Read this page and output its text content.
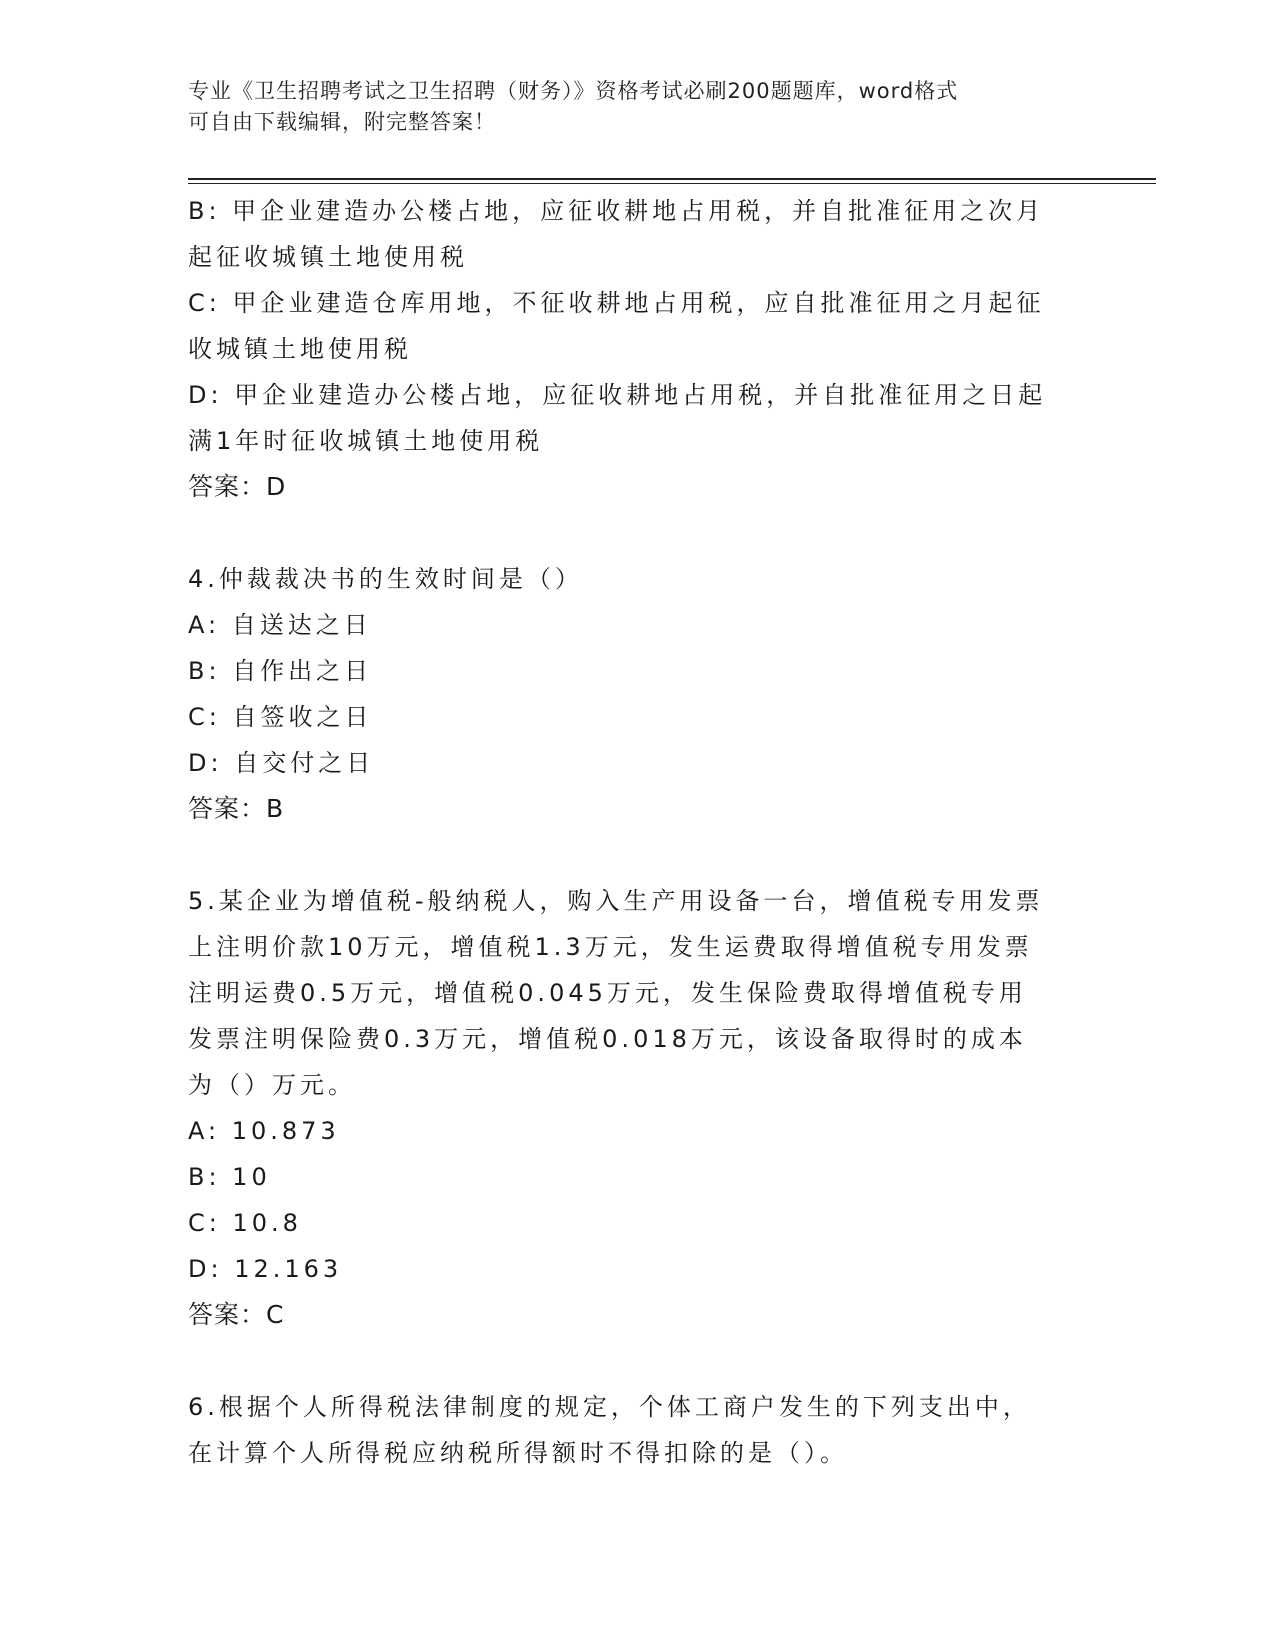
专业《卫生招聘考试之卫生招聘（财务）》资格考试必刷200题题库，word格式
可自由下载编辑，附完整答案！
B: 甲企业建造办公楼占地，应征收耕地占用税，并自批准征用之次月
起征收城镇土地使用税
C: 甲企业建造仓库用地，不征收耕地占用税，应自批准征用之月起征
收城镇土地使用税
D: 甲企业建造办公楼占地，应征收耕地占用税，并自批准征用之日起
满1年时征收城镇土地使用税
答案：D
4.仲裁裁决书的生效时间是（）
A: 自送达之日
B: 自作出之日
C: 自签收之日
D: 自交付之日
答案：B
5.某企业为增值税-般纳税人，购入生产用设备一台，增值税专用发票
上注明价款10万元，增值税1.3万元，发生运费取得增值税专用发票
注明运费0.5万元，增值税0.045万元，发生保险费取得增值税专用
发票注明保险费0.3万元，增值税0.018万元，该设备取得时的成本
为（）万元。
A: 10.873
B: 10
C: 10.8
D: 12.163
答案：C
6.根据个人所得税法律制度的规定，个体工商户发生的下列支出中，
在计算个人所得税应纳税所得额时不得扣除的是（）。
